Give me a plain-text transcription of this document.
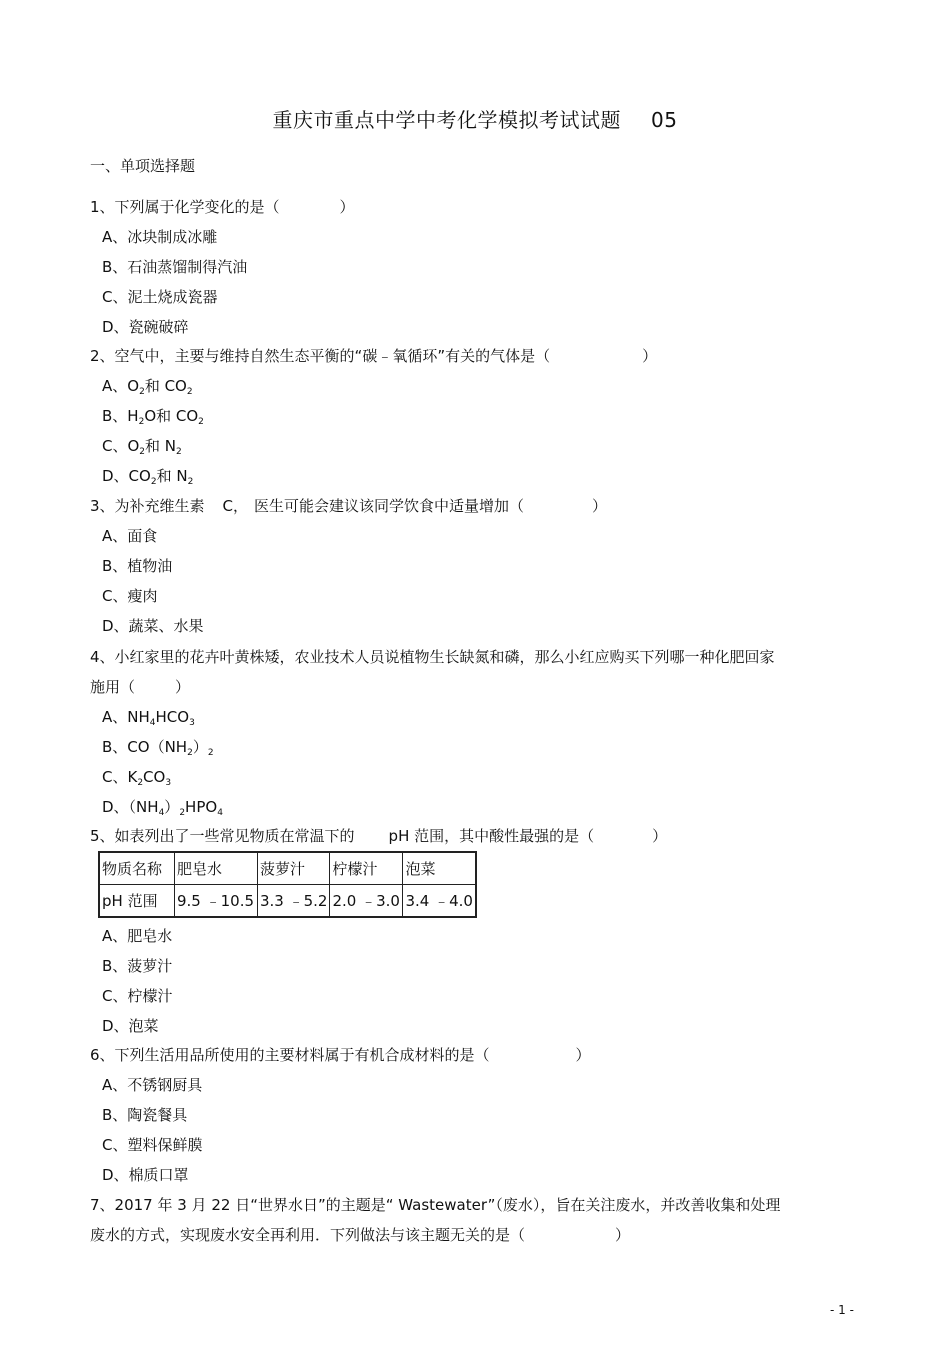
重庆市重点中学中考化学模拟考试试题 05
一、单项选择题
1、下列属于化学变化的是（	）
A、冰块制成冰雕
B、石油蒸馏制得汽油
C、泥土烧成瓷器
D、瓷碗破碎
2、空气中，主要与维持自然生态平衡的“碳﹣氧循环”有关的气体是（	）
A、$O_2$和 $CO_2$
B、$H_2O$和 $CO_2$
C、$O_2$和 $N_2$
D、$CO_2$和 $N_2$
3、为补充维生素 C， 医生可能会建议该同学饮食中适量增加（	）
A、面食
B、植物油
C、瘦肉
D、蔬菜、水果
4、小红家里的花卉叶黄株矮，农业技术人员说植物生长缺氮和磷，那么小红应购买下列哪一种化肥回家
施用（	）
A、$NH_4HCO_3$
B、$CO(NH_2)_2$
C、$K_2CO_3$
D、$(NH_4)_2HPO_4$
5、如表列出了一些常见物质在常温下的 pH 范围，其中酸性最强的是（	）
物质名称	肥皂水	菠萝汁	柠檬汁	泡菜
pH 范围	9.5 ﹣10.5	3.3 ﹣5.2	2.0 ﹣3.0	3.4 ﹣4.0
A、肥皂水
B、菠萝汁
C、柠檬汁
D、泡菜
6、下列生活用品所使用的主要材料属于有机合成材料的是（	）
A、不锈钢厨具
B、陶瓷餐具
C、塑料保鲜膜
D、棉质口罩
7、2017 年 3 月 22 日“世界水日”的主题是“ Wastewater”（废水），旨在关注废水，并改善收集和处理
废水的方式，实现废水安全再利用．下列做法与该主题无关的是（	）
- 1 -
